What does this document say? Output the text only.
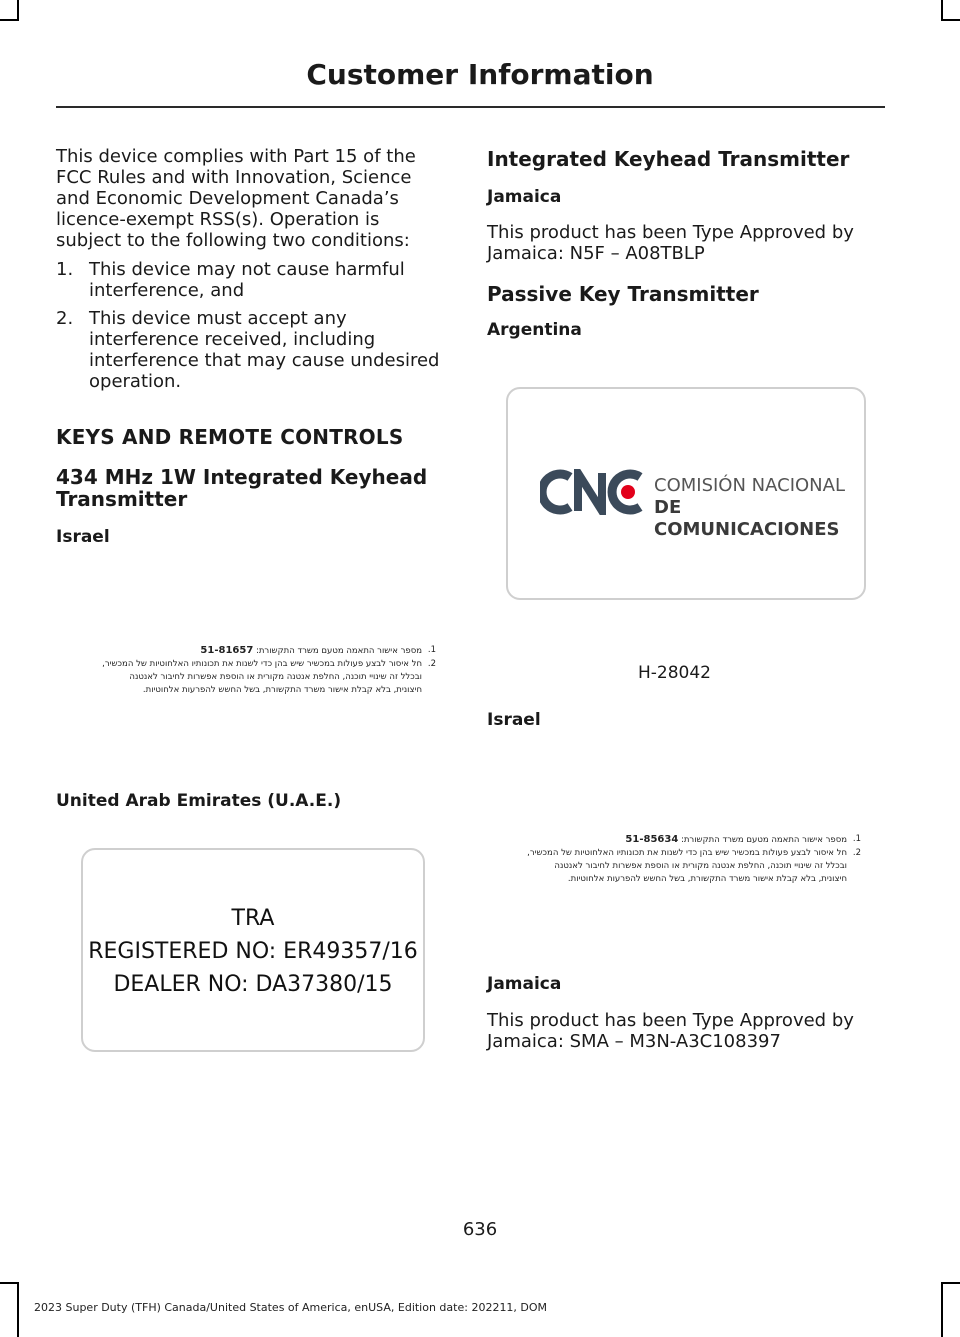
Customer Information

This device complies with Part 15 of the FCC Rules and with Innovation, Science and Economic Development Canada’s licence-exempt RSS(s). Operation is subject to the following two conditions:

1. This device may not cause harmful interference, and
2. This device must accept any interference received, including interference that may cause undesired operation.
KEYS AND REMOTE CONTROLS
434 MHz 1W Integrated Keyhead Transmitter
Israel
.1
מספר אישור התאמה מטעם משרד התקשורת: 51-81657
.2
חל איסור לבצע פעולות במכשיר שיש בהן כדי לשנות את תכונותיו האלחוטיות של המכשיר,
ובכלל זה שינויי תוכנה, החלפת אנטנה מקורית או הוספת אפשרות לחיבור לאנטנה
חיצונית, בלא קבלת אישור משרד התקשורת, בשל החשש להפרעות אלחוטיות.
United Arab Emirates (U.A.E.)
TRA
REGISTERED NO: ER49357/16
DEALER NO: DA37380/15
Integrated Keyhead Transmitter
Jamaica

This product has been Type Approved by Jamaica: N5F – A08TBLP

Passive Key Transmitter
Argentina
COMISIÓN NACIONAL
DE COMUNICACIONES
H-28042
Israel
.1
מספר אישור התאמה מטעם משרד התקשורת: 51-85634
.2
חל איסור לבצע פעולות במכשיר שיש בהן כדי לשנות את תכונותיו האלחוטיות של המכשיר,
ובכלל זה שינויי תוכנה, החלפת אנטנה מקורית או הוספת אפשרות לחיבור לאנטנה
חיצונית, בלא קבלת אישור משרד התקשורת, בשל החשש להפרעות אלחוטיות.
Jamaica

This product has been Type Approved by Jamaica: SMA – M3N-A3C108397

636
2023 Super Duty (TFH) Canada/United States of America, enUSA, Edition date: 202211, DOM
